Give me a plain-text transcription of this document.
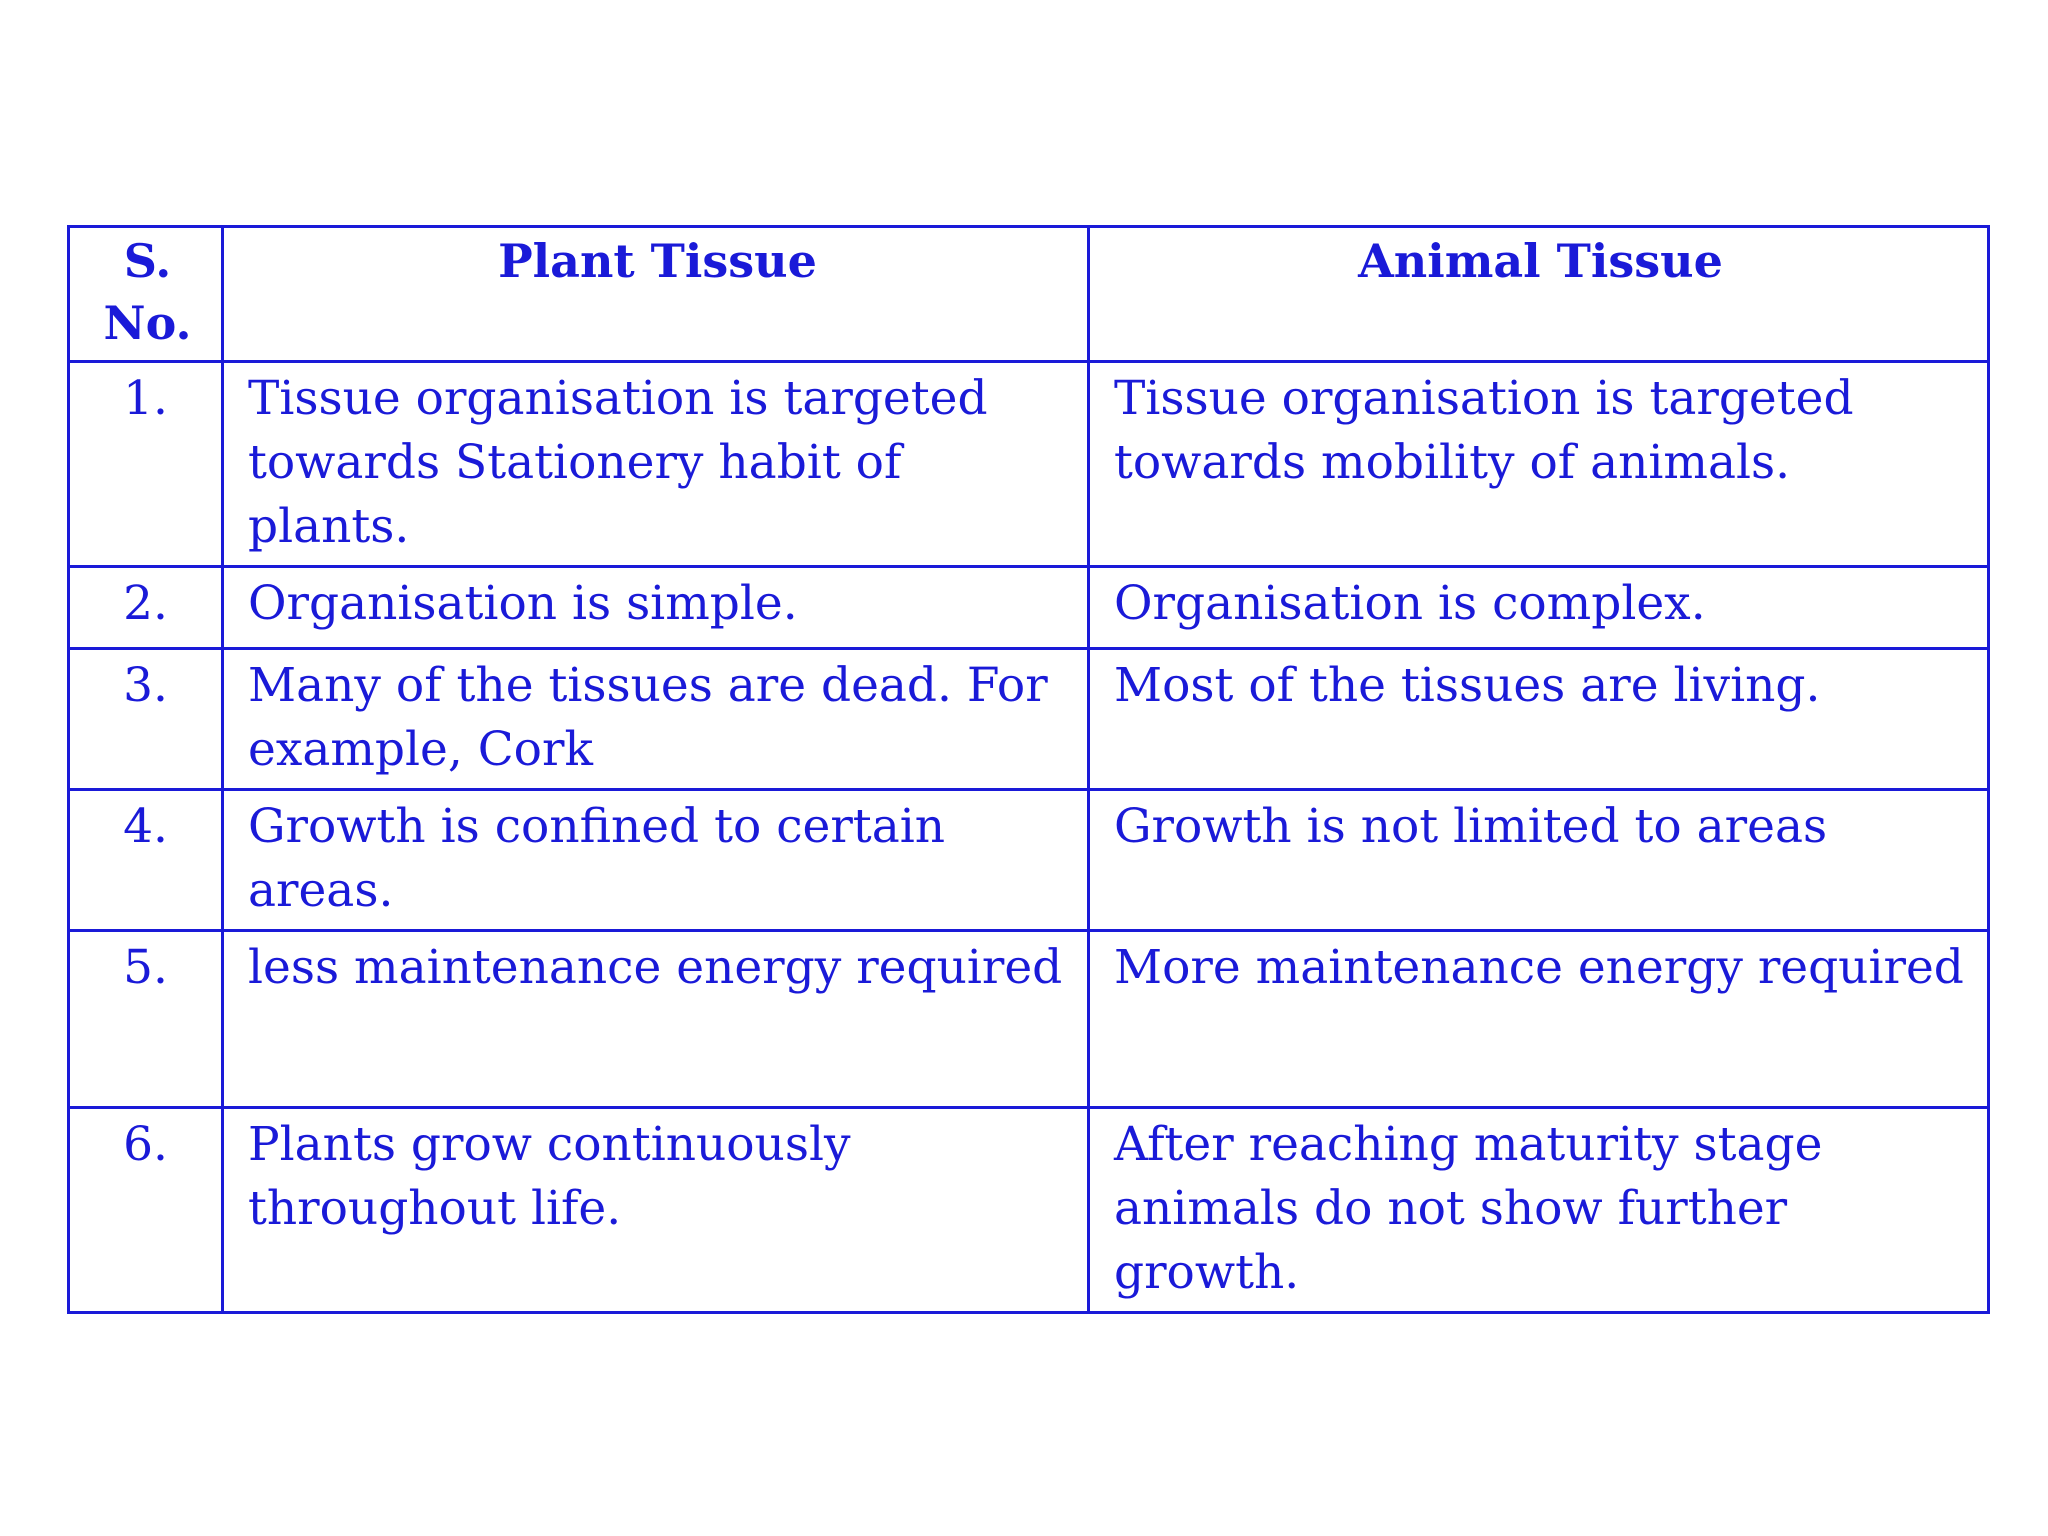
S.
No.	Plant Tissue	Animal Tissue
1.	Tissue organisation is targeted towards Stationery habit of plants.	Tissue organisation is targeted towards mobility of animals.
2.	Organisation is simple.	Organisation is complex.
3.	Many of the tissues are dead. For example, Cork	Most of the tissues are living.
4.	Growth is confined to certain areas.	Growth is not limited to areas
5.	less maintenance energy required	More maintenance energy required
6.	Plants grow continuously throughout life.	After reaching maturity stage animals do not show further growth.
